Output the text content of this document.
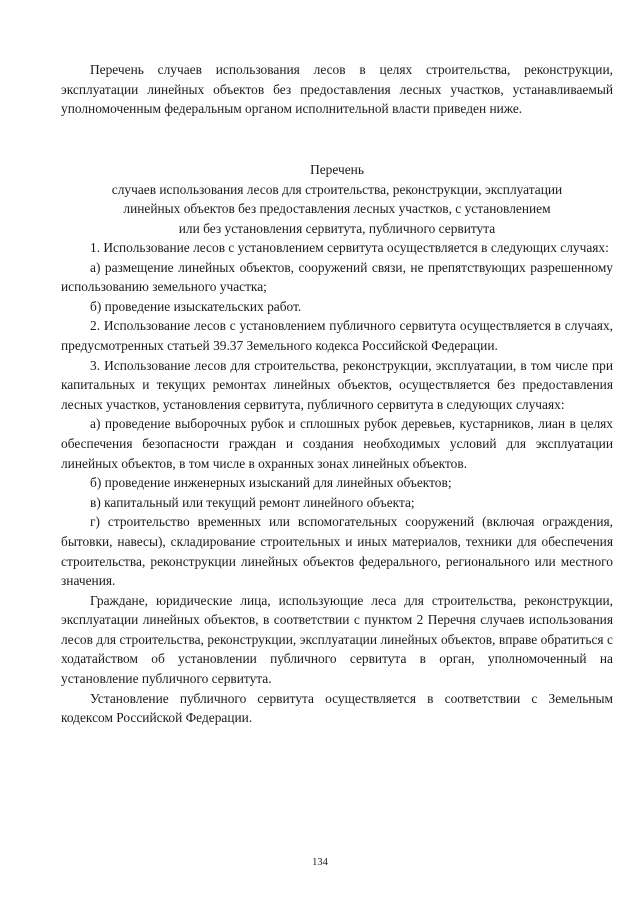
Перечень случаев использования лесов в целях строительства, реконструкции, эксплуатации линейных объектов без предоставления лесных участков, устанавливаемый уполномоченным федеральным органом исполнительной власти приведен ниже.

Перечень

случаев использования лесов для строительства, реконструкции, эксплуатации

линейных объектов без предоставления лесных участков, с установлением

или без установления сервитута, публичного сервитута

1. Использование лесов с установлением сервитута осуществляется в следующих случаях:

а) размещение линейных объектов, сооружений связи, не препятствующих разрешенному использованию земельного участка;

б) проведение изыскательских работ.

2. Использование лесов с установлением публичного сервитута осуществляется в случаях, предусмотренных статьей 39.37 Земельного кодекса Российской Федерации.

3. Использование лесов для строительства, реконструкции, эксплуатации, в том числе при капитальных и текущих ремонтах линейных объектов, осуществляется без предоставления лесных участков, установления сервитута, публичного сервитута в следующих случаях:

а) проведение выборочных рубок и сплошных рубок деревьев, кустарников, лиан в целях обеспечения безопасности граждан и создания необходимых условий для эксплуатации линейных объектов, в том числе в охранных зонах линейных объектов.

б) проведение инженерных изысканий для линейных объектов;

в) капитальный или текущий ремонт линейного объекта;

г) строительство временных или вспомогательных сооружений (включая ограждения, бытовки, навесы), складирование строительных и иных материалов, техники для обеспечения строительства, реконструкции линейных объектов федерального, регионального или местного значения.

Граждане, юридические лица, использующие леса для строительства, реконструкции, эксплуатации линейных объектов, в соответствии с пунктом 2 Перечня случаев использования лесов для строительства, реконструкции, эксплуатации линейных объектов, вправе обратиться с ходатайством об установлении публичного сервитута в орган, уполномоченный на установление публичного сервитута.

Установление публичного сервитута осуществляется в соответствии с Земельным кодексом Российской Федерации.

134
